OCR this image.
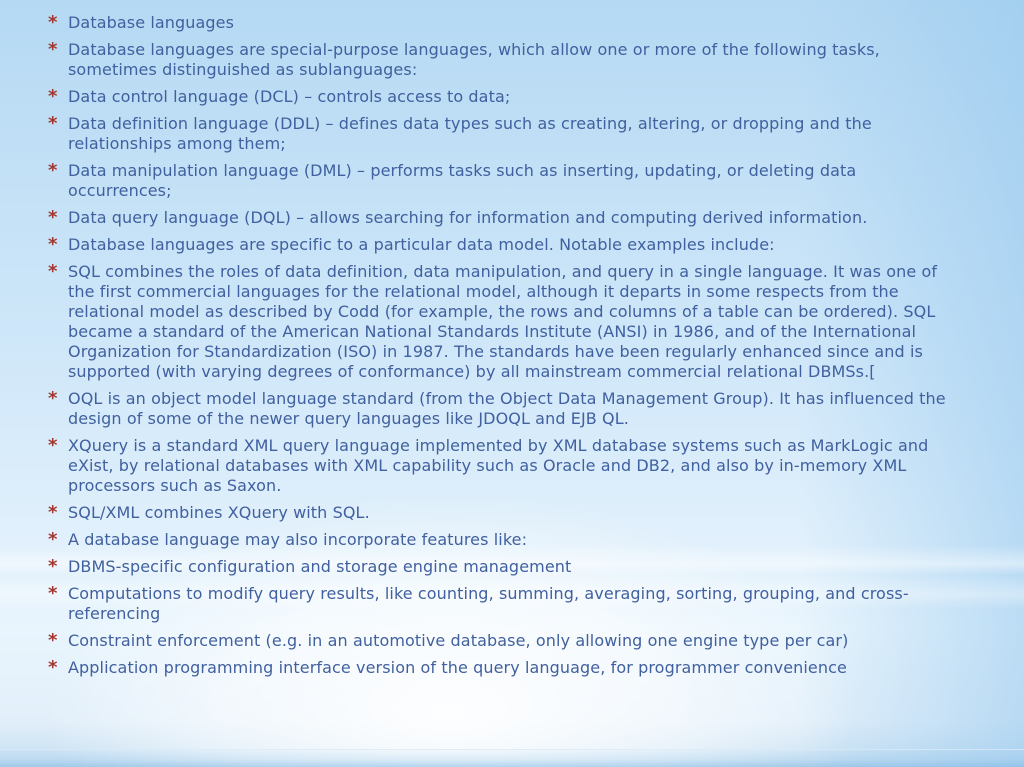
* Database languages
* Database languages are special-purpose languages, which allow one or more of the following tasks, sometimes distinguished as sublanguages:
* Data control language (DCL) – controls access to data;
* Data definition language (DDL) – defines data types such as creating, altering, or dropping and the relationships among them;
* Data manipulation language (DML) – performs tasks such as inserting, updating, or deleting data occurrences;
* Data query language (DQL) – allows searching for information and computing derived information.
* Database languages are specific to a particular data model. Notable examples include:
* SQL combines the roles of data definition, data manipulation, and query in a single language. It was one of the first commercial languages for the relational model, although it departs in some respects from the relational model as described by Codd (for example, the rows and columns of a table can be ordered). SQL became a standard of the American National Standards Institute (ANSI) in 1986, and of the International Organization for Standardization (ISO) in 1987. The standards have been regularly enhanced since and is supported (with varying degrees of conformance) by all mainstream commercial relational DBMSs.[
* OQL is an object model language standard (from the Object Data Management Group). It has influenced the design of some of the newer query languages like JDOQL and EJB QL.
* XQuery is a standard XML query language implemented by XML database systems such as MarkLogic and eXist, by relational databases with XML capability such as Oracle and DB2, and also by in-memory XML processors such as Saxon.
* SQL/XML combines XQuery with SQL.
* A database language may also incorporate features like:
* DBMS-specific configuration and storage engine management
* Computations to modify query results, like counting, summing, averaging, sorting, grouping, and cross-referencing
* Constraint enforcement (e.g. in an automotive database, only allowing one engine type per car)
* Application programming interface version of the query language, for programmer convenience
